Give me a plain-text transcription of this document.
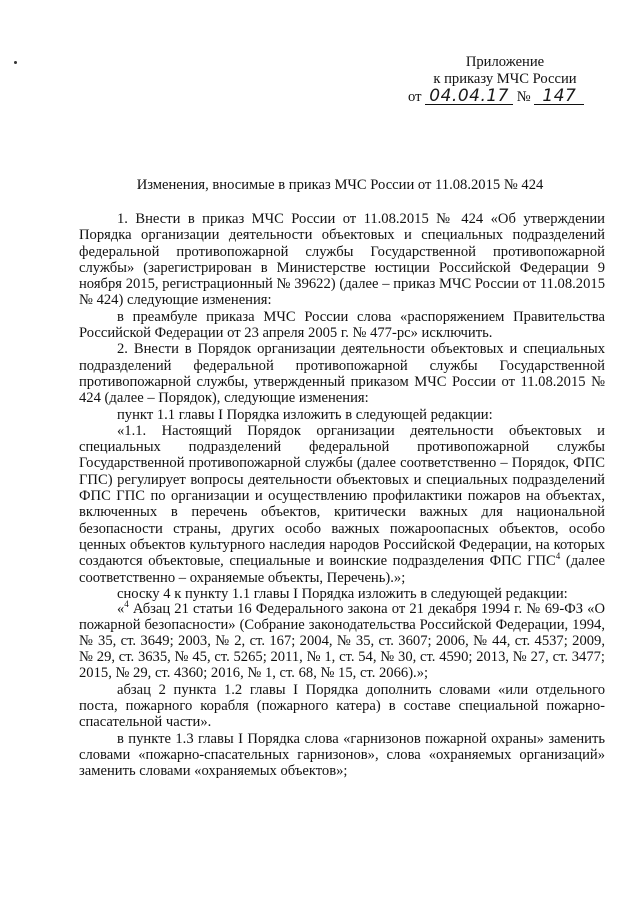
Приложение
к приказу МЧС России
от 04.04.17 № 147
Изменения, вносимые в приказ МЧС России от 11.08.2015 № 424

1. Внести в приказ МЧС России от 11.08.2015 № 424 «Об утверждении Порядка организации деятельности объектовых и специальных подразделений федеральной противопожарной службы Государственной противопожарной службы» (зарегистрирован в Министерстве юстиции Российской Федерации 9 ноября 2015, регистрационный № 39622) (далее – приказ МЧС России от 11.08.2015 № 424) следующие изменения:

в преамбуле приказа МЧС России слова «распоряжением Правительства Российской Федерации от 23 апреля 2005 г. № 477-рс» исключить.

2. Внести в Порядок организации деятельности объектовых и специальных подразделений федеральной противопожарной службы Государственной противопожарной службы, утвержденный приказом МЧС России от 11.08.2015 № 424 (далее – Порядок), следующие изменения:

пункт 1.1 главы I Порядка изложить в следующей редакции:

«1.1. Настоящий Порядок организации деятельности объектовых и специальных подразделений федеральной противопожарной службы Государственной противопожарной службы (далее соответственно – Порядок, ФПС ГПС) регулирует вопросы деятельности объектовых и специальных подразделений ФПС ГПС по организации и осуществлению профилактики пожаров на объектах, включенных в перечень объектов, критически важных для национальной безопасности страны, других особо важных пожароопасных объектов, особо ценных объектов культурного наследия народов Российской Федерации, на которых создаются объектовые, специальные и воинские подразделения ФПС ГПС$^4$ (далее соответственно – охраняемые объекты, Перечень).»;

сноску 4 к пункту 1.1 главы I Порядка изложить в следующей редакции:

«$^4$ Абзац 21 статьи 16 Федерального закона от 21 декабря 1994 г. № 69-ФЗ «О пожарной безопасности» (Собрание законодательства Российской Федерации, 1994, № 35, ст. 3649; 2003, № 2, ст. 167; 2004, № 35, ст. 3607; 2006, № 44, ст. 4537; 2009, № 29, ст. 3635, № 45, ст. 5265; 2011, № 1, ст. 54, № 30, ст. 4590; 2013, № 27, ст. 3477; 2015, № 29, ст. 4360; 2016, № 1, ст. 68, № 15, ст. 2066).»;

абзац 2 пункта 1.2 главы I Порядка дополнить словами «или отдельного поста, пожарного корабля (пожарного катера) в составе специальной пожарно-спасательной части».

в пункте 1.3 главы I Порядка слова «гарнизонов пожарной охраны» заменить словами «пожарно-спасательных гарнизонов», слова «охраняемых организаций» заменить словами «охраняемых объектов»;
